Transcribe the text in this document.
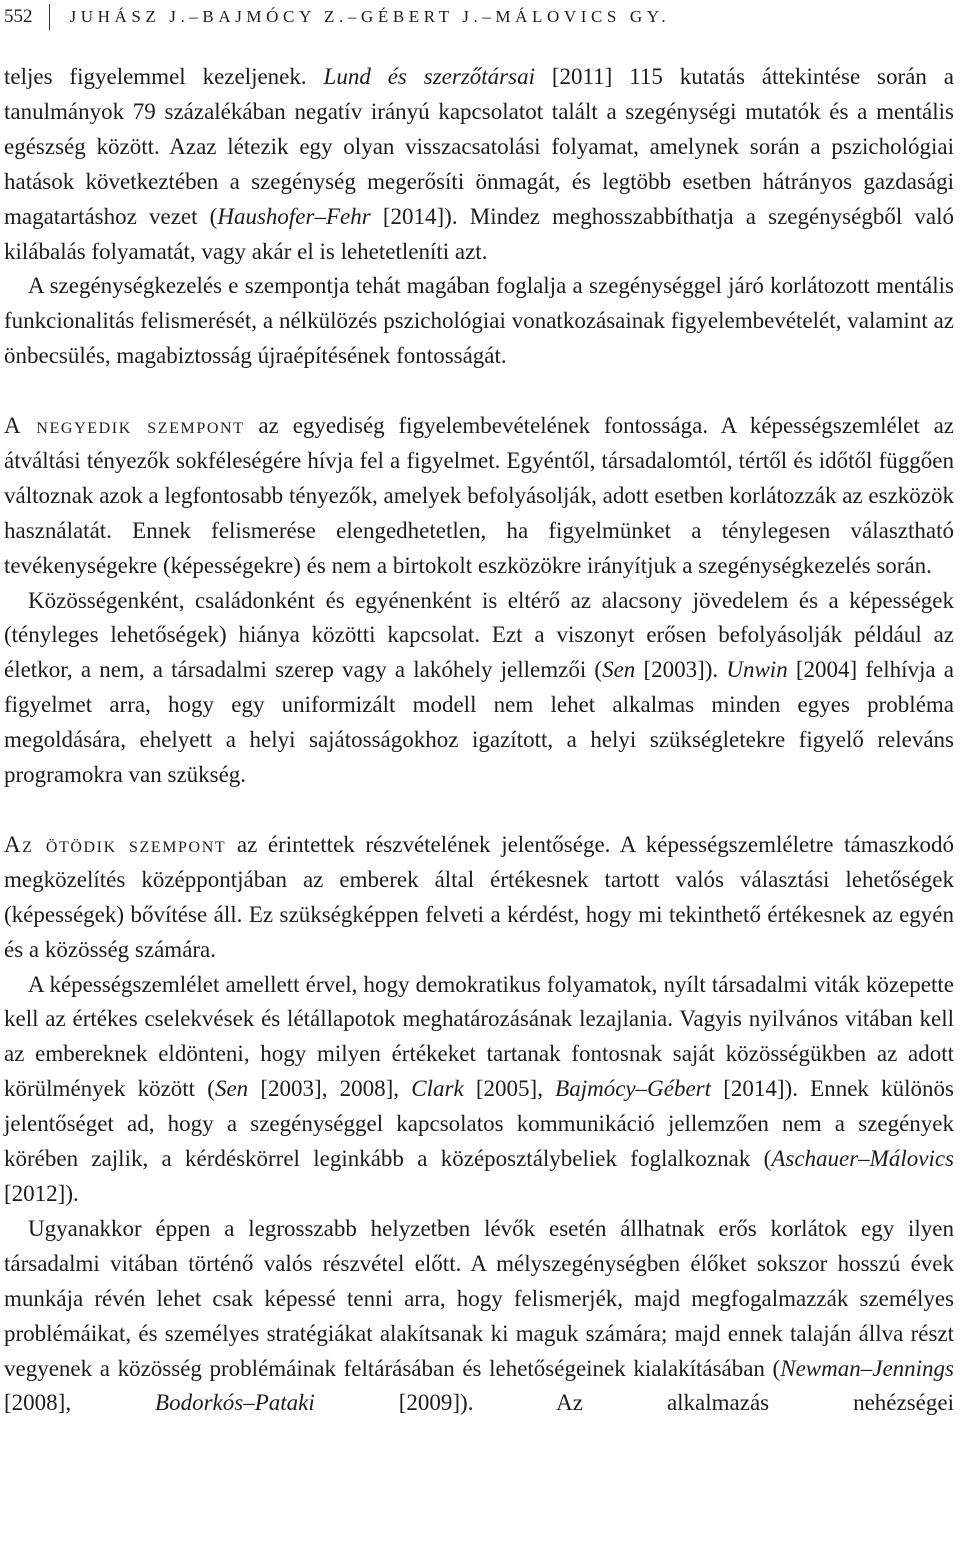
552	JUHÁSZ J.–BAJMÓCY Z.–GÉBERT J.–MÁLOVICS GY.

teljes figyelemmel kezeljenek. Lund és szerzőtársai [2011] 115 kutatás áttekintése során a tanulmányok 79 százalékában negatív irányú kapcsolatot talált a szegénységi mutatók és a mentális egészség között. Azaz létezik egy olyan visszacsatolási folyamat, amelynek során a pszichológiai hatások következtében a szegénység megerősíti önmagát, és legtöbb esetben hátrányos gazdasági magatartáshoz vezet (Haushofer–Fehr [2014]). Mindez meghosszabbíthatja a szegénységből való kilábalás folyamatát, vagy akár el is lehetetleníti azt.

A szegénységkezelés e szempontja tehát magában foglalja a szegénységgel járó korlátozott mentális funkcionalitás felismerését, a nélkülözés pszichológiai vonatkozásainak figyelembevételét, valamint az önbecsülés, magabiztosság újraépítésének fontosságát.

A negyedik szempont az egyediség figyelembevételének fontossága. A képességszemlélet az átváltási tényezők sokféleségére hívja fel a figyelmet. Egyéntől, társadalomtól, tértől és időtől függően változnak azok a legfontosabb tényezők, amelyek befolyásolják, adott esetben korlátozzák az eszközök használatát. Ennek felismerése elengedhetetlen, ha figyelmünket a ténylegesen választható tevékenységekre (képességekre) és nem a birtokolt eszközökre irányítjuk a szegénységkezelés során.

Közösségenként, családonként és egyénenként is eltérő az alacsony jövedelem és a képességek (tényleges lehetőségek) hiánya közötti kapcsolat. Ezt a viszonyt erősen befolyásolják például az életkor, a nem, a társadalmi szerep vagy a lakóhely jellemzői (Sen [2003]). Unwin [2004] felhívja a figyelmet arra, hogy egy uniformizált modell nem lehet alkalmas minden egyes probléma megoldására, ehelyett a helyi sajátosságokhoz igazított, a helyi szükségletekre figyelő releváns programokra van szükség.

Az ötödik szempont az érintettek részvételének jelentősége. A képességszemléletre támaszkodó megközelítés középpontjában az emberek által értékesnek tartott valós választási lehetőségek (képességek) bővítése áll. Ez szükségképpen felveti a kérdést, hogy mi tekinthető értékesnek az egyén és a közösség számára.

A képességszemlélet amellett érvel, hogy demokratikus folyamatok, nyílt társadalmi viták közepette kell az értékes cselekvések és létállapotok meghatározásának lezajlania. Vagyis nyilvános vitában kell az embereknek eldönteni, hogy milyen értékeket tartanak fontosnak saját közösségükben az adott körülmények között (Sen [2003], 2008], Clark [2005], Bajmócy–Gébert [2014]). Ennek különös jelentőséget ad, hogy a szegénységgel kapcsolatos kommunikáció jellemzően nem a szegények körében zajlik, a kérdéskörrel leginkább a középosztálybeliek foglalkoznak (Aschauer–Málovics [2012]).

Ugyanakkor éppen a legrosszabb helyzetben lévők esetén állhatnak erős korlátok egy ilyen társadalmi vitában történő valós részvétel előtt. A mélyszegénységben élőket sokszor hosszú évek munkája révén lehet csak képessé tenni arra, hogy felismerjék, majd megfogalmazzák személyes problémáikat, és személyes stratégiákat alakítsanak ki maguk számára; majd ennek talaján állva részt vegyenek a közösség problémáinak feltárásában és lehetőségeinek kialakításában (Newman–Jennings [2008], Bodorkós–Pataki [2009]). Az alkalmazás nehézségei
